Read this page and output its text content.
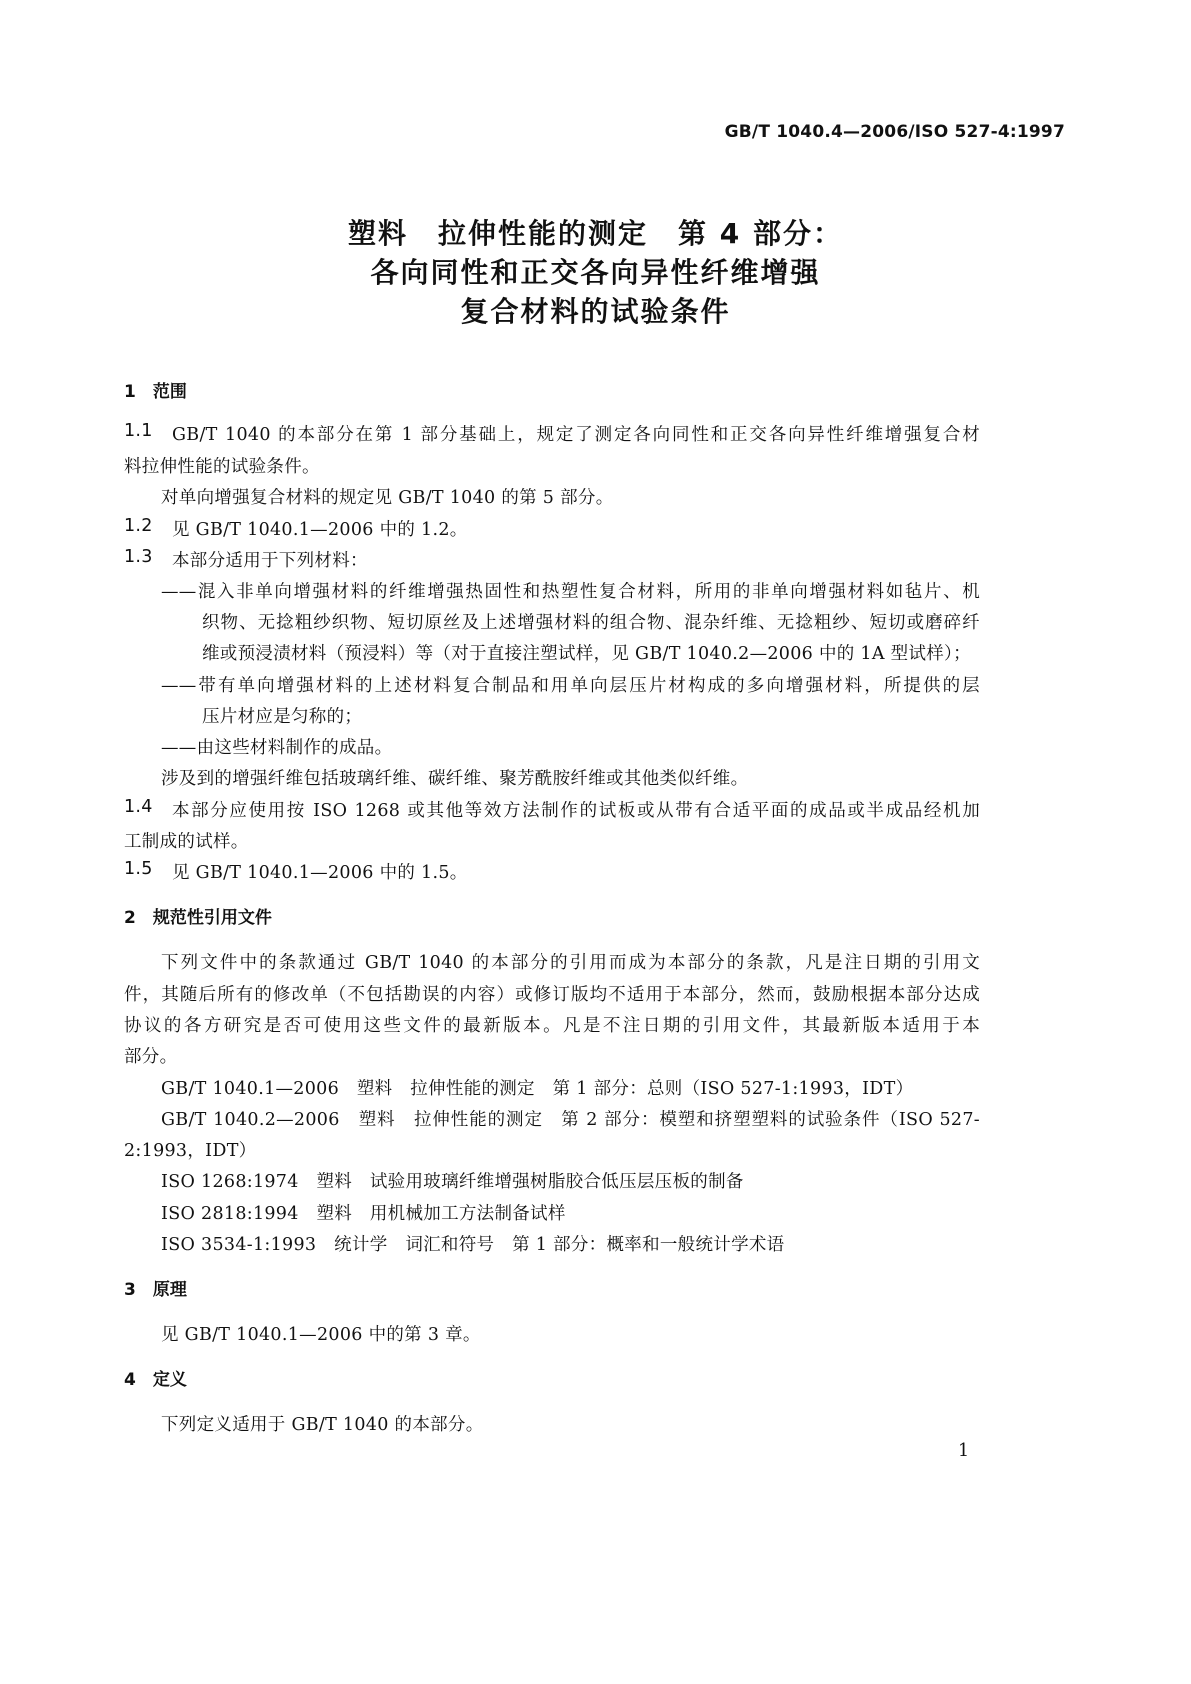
GB/T 1040.4—2006/ISO 527-4:1997
塑料　拉伸性能的测定　第 4 部分：
各向同性和正交各向异性纤维增强
复合材料的试验条件
1　范围
1.1 GB/T 1040 的本部分在第 1 部分基础上，规定了测定各向同性和正交各向异性纤维增强复合材
料拉伸性能的试验条件。
对单向增强复合材料的规定见 GB/T 1040 的第 5 部分。
1.2 见 GB/T 1040.1—2006 中的 1.2。
1.3 本部分适用于下列材料：
——混入非单向增强材料的纤维增强热固性和热塑性复合材料，所用的非单向增强材料如毡片、机
织物、无捻粗纱织物、短切原丝及上述增强材料的组合物、混杂纤维、无捻粗纱、短切或磨碎纤
维或预浸渍材料（预浸料）等（对于直接注塑试样，见 GB/T 1040.2—2006 中的 1A 型试样）；
——带有单向增强材料的上述材料复合制品和用单向层压片材构成的多向增强材料，所提供的层
压片材应是匀称的；
——由这些材料制作的成品。
涉及到的增强纤维包括玻璃纤维、碳纤维、聚芳酰胺纤维或其他类似纤维。
1.4 本部分应使用按 ISO 1268 或其他等效方法制作的试板或从带有合适平面的成品或半成品经机加
工制成的试样。
1.5 见 GB/T 1040.1—2006 中的 1.5。
2　规范性引用文件
下列文件中的条款通过 GB/T 1040 的本部分的引用而成为本部分的条款，凡是注日期的引用文
件，其随后所有的修改单（不包括勘误的内容）或修订版均不适用于本部分，然而，鼓励根据本部分达成
协议的各方研究是否可使用这些文件的最新版本。凡是不注日期的引用文件，其最新版本适用于本
部分。
GB/T 1040.1—2006　塑料　拉伸性能的测定　第 1 部分：总则（ISO 527-1:1993，IDT）
GB/T 1040.2—2006　塑料　拉伸性能的测定　第 2 部分：模塑和挤塑塑料的试验条件（ISO 527-
2:1993，IDT）
ISO 1268:1974　塑料　试验用玻璃纤维增强树脂胶合低压层压板的制备
ISO 2818:1994　塑料　用机械加工方法制备试样
ISO 3534-1:1993　统计学　词汇和符号　第 1 部分：概率和一般统计学术语
3　原理
见 GB/T 1040.1—2006 中的第 3 章。
4　定义
下列定义适用于 GB/T 1040 的本部分。
1
